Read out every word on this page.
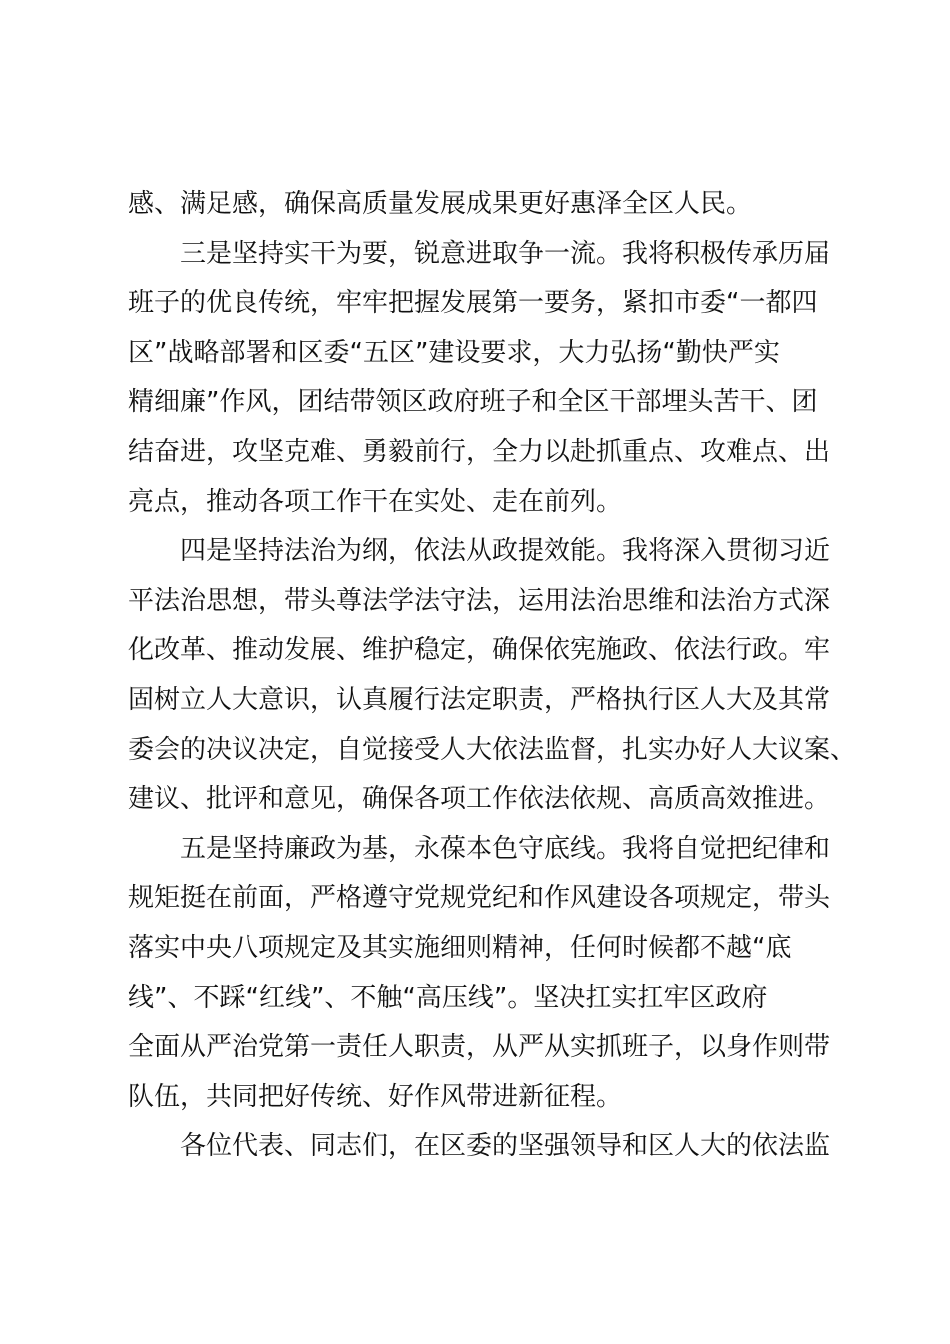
感、满足感，确保高质量发展成果更好惠泽全区人民。

三是坚持实干为要，锐意进取争一流。我将积极传承历届
班子的优良传统，牢牢把握发展第一要务，紧扣市委“一都四
区”战略部署和区委“五区”建设要求，大力弘扬“勤快严实
精细廉”作风，团结带领区政府班子和全区干部埋头苦干、团
结奋进，攻坚克难、勇毅前行，全力以赴抓重点、攻难点、出
亮点，推动各项工作干在实处、走在前列。

四是坚持法治为纲，依法从政提效能。我将深入贯彻习近
平法治思想，带头尊法学法守法，运用法治思维和法治方式深
化改革、推动发展、维护稳定，确保依宪施政、依法行政。牢
固树立人大意识，认真履行法定职责，严格执行区人大及其常
委会的决议决定，自觉接受人大依法监督，扎实办好人大议案、
建议、批评和意见，确保各项工作依法依规、高质高效推进。

五是坚持廉政为基，永葆本色守底线。我将自觉把纪律和
规矩挺在前面，严格遵守党规党纪和作风建设各项规定，带头
落实中央八项规定及其实施细则精神，任何时候都不越“底
线”、不踩“红线”、不触“高压线”。坚决扛实扛牢区政府
全面从严治党第一责任人职责，从严从实抓班子，以身作则带
队伍，共同把好传统、好作风带进新征程。

各位代表、同志们，在区委的坚强领导和区人大的依法监
